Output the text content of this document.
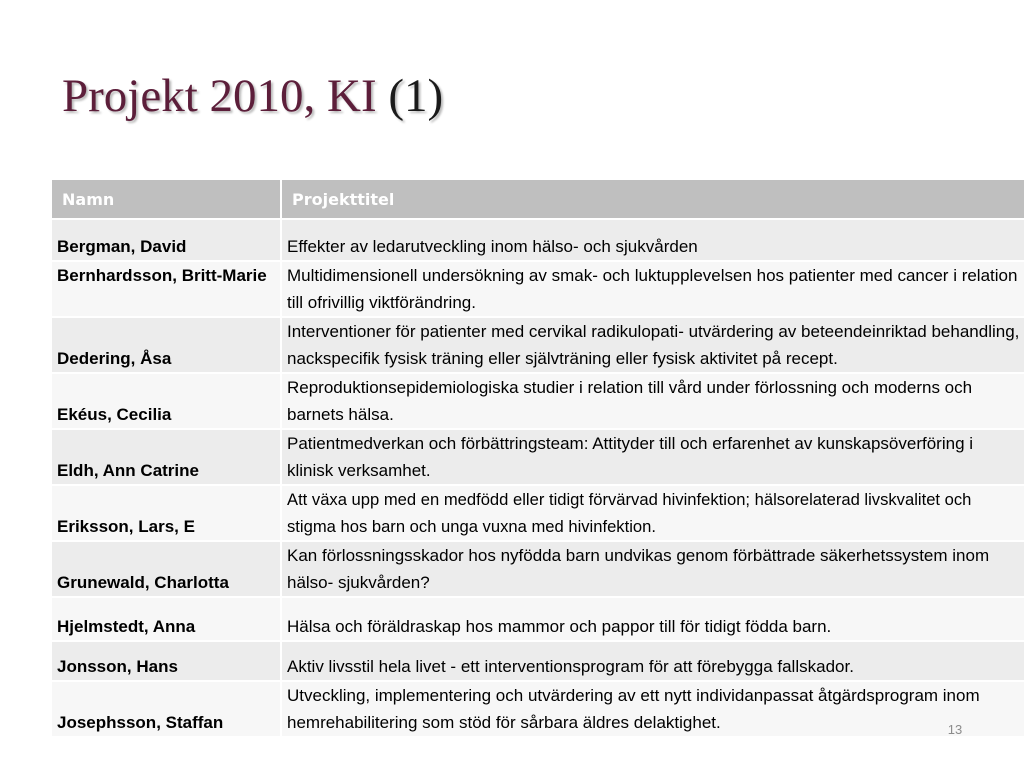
Projekt 2010, KI (1)
Namn	Projekttitel
Bergman, David	Effekter av ledarutveckling inom hälso- och sjukvården
Bernhardsson, Britt-Marie	Multidimensionell undersökning av smak- och luktupplevelsen hos patienter med cancer i relation till ofrivillig viktförändring.
Dedering, Åsa	Interventioner för patienter med cervikal radikulopati- utvärdering av beteendeinriktad behandling, nackspecifik fysisk träning eller självträning eller fysisk aktivitet på recept.
Ekéus, Cecilia	Reproduktionsepidemiologiska studier i relation till vård under förlossning och moderns och barnets hälsa.
Eldh, Ann Catrine	Patientmedverkan och förbättringsteam: Attityder till och erfarenhet av kunskapsöverföring i klinisk verksamhet.
Eriksson, Lars, E	Att växa upp med en medfödd eller tidigt förvärvad hivinfektion; hälsorelaterad livskvalitet och stigma hos barn och unga vuxna med hivinfektion.
Grunewald, Charlotta	Kan förlossningsskador hos nyfödda barn undvikas genom förbättrade säkerhetssystem inom hälso- sjukvården?
Hjelmstedt, Anna	Hälsa och föräldraskap hos mammor och pappor till för tidigt födda barn.
Jonsson, Hans	Aktiv livsstil hela livet - ett interventionsprogram för att förebygga fallskador.
Josephsson, Staffan	Utveckling, implementering och utvärdering av ett nytt individanpassat åtgärdsprogram inom hemrehabilitering som stöd för sårbara äldres delaktighet.	13
